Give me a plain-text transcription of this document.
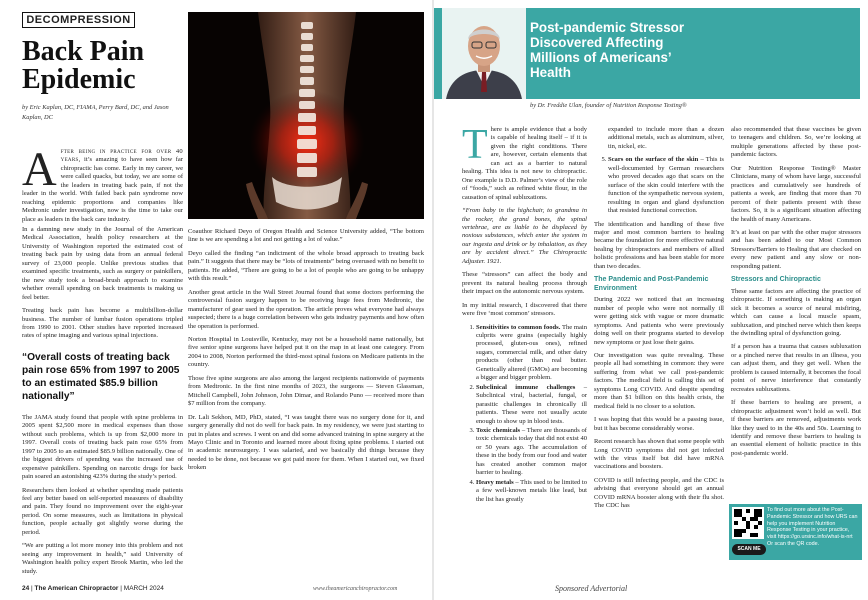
DECOMPRESSION
Back Pain
Epidemic
by Eric Kaplan, DC, FIAMA, Perry Bard, DC, and Jason Kaplan, DC
A fter being in practice for over 40 years, it’s amazing to have seen how far chiropractic has come. Early in my career, we were called quacks, but today, we are some of the leaders in treating back pain, if not the leader in the world. With failed back pain syndrome now reaching epidemic proportions and companies like Medtronic under investigation, now is the time to take our place as leaders in the back care industry.

In a damning new study in the Journal of the American Medical Association, health policy researchers at the University of Washington reported the estimated cost of treating back pain by using data from an annual federal survey of 23,000 people. Unlike previous studies that examined specific treatments, such as surgery or painkillers, the new study took a broad-brush approach to examine whether overall spending on back treatments is making us feel better.

Treating back pain has become a multibillion-dollar business. The number of lumbar fusion operations tripled from 1990 to 2001. Other studies have reported increased rates of spine imaging and various spinal injections.

“Overall costs of treating back pain rose 65% from 1997 to 2005 to an estimated $85.9 billion nationally”

The JAMA study found that people with spine problems in 2005 spent $2,500 more in medical expenses than those without such problems, which is up from $2,000 more in 1997. Overall costs of treating back pain rose 65% from 1997 to 2005 to an estimated $85.9 billion nationally. One of the biggest drivers of spending was the increased use of expensive painkillers. Spending on narcotic drugs for back pain soared an astonishing 423% during the study’s period.

Researchers then looked at whether spending made patients feel any better based on self-reported measures of disability and pain. They found no improvement over the eight-year period. On some measures, such as limitations in physical function, people actually got slightly worse during the period.

“We are putting a lot more money into this problem and not seeing any improvement in health,” said University of Washington health policy expert Brook Martin, who led the study.

Coauthor Richard Deyo of Oregon Health and Science University added, “The bottom line is we are spending a lot and not getting a lot of value.”

Deyo called the finding “an indictment of the whole broad approach to treating back pain.” It suggests that there may be “lots of treatments” being overused with no benefit to patients. He added, “There are going to be a lot of people who are going to be unhappy with this result.”

Another great article in the Wall Street Journal found that some doctors performing the controversial fusion surgery happen to be receiving huge fees from Medtronic, the manufacturer of gear used in the operation. The article proves what everyone had always suspected; there is a huge correlation between who gets industry payments and how often the operation is performed.

Norton Hospital in Louisville, Kentucky, may not be a household name nationally, but five senior spine surgeons have helped put it on the map in at least one category. From 2004 to 2008, Norton performed the third-most spinal fusions on Medicare patients in the country.

Those five spine surgeons are also among the largest recipients nationwide of payments from Medtronic. In the first nine months of 2023, the surgeons — Steven Glassman, Mitchell Campbell, John Johnson, John Dimar, and Rolando Puno — received more than $7 million from the company.

Dr. Lali Sekhon, MD, PhD, stated, “I was taught there was no surgery done for it, and surgery generally did not do well for back pain. In my residency, we were just starting to put in plates and screws. I went on and did some advanced training in spine surgery at the Mayo Clinic and in Toronto and learned more about fixing spine problems. I started out in academic neurosurgery. I was salaried, and we basically did things because they needed to be done, not because we got paid more for them. When I started out, we fixed broken

24 | The American Chiropractor | MARCH 2024	www.theamericanchiropractor.com
Post-pandemic Stressor
Discovered Affecting
Millions of Americans’
Health
by Dr. Freddie Ulan, founder of Nutrition Response Testing®
T here is ample evidence that a body is capable of healing itself – if it is given the right conditions. There are, however, certain elements that can act as a barrier to natural healing. This idea is not new to chiropractic. One example is D.D. Palmer’s view of the role of “foods,” such as refined white flour, in the causation of spinal subluxations.

“From baby in the highchair, to grandma in the rocker, the grand bones, the spinal vertebrae, are as liable to be displaced by noxious substances, which enter the system in our ingesta and drink or by inhalation, as they are by accident direct.” The Chiropractic Adjuster. 1921.

These “stressors” can affect the body and prevent its natural healing process through their impact on the autonomic nervous system.

In my initial research, I discovered that there were five ‘most common’ stressors.

1. Sensitivities to common foods. The main culprits were grains (especially highly processed, gluten-ous ones), refined sugars, commercial milk, and other dairy products (other than real butter. Genetically altered (GMOs) are becoming a bigger and bigger problem.
2. Subclinical immune challenges – Subclinical viral, bacterial, fungal, or parasitic challenges in chronically ill patients. These were not usually acute enough to show up in blood tests.
3. Toxic chemicals – There are thousands of toxic chemicals today that did not exist 40 or 50 years ago. The accumulation of these in the body from our food and water has created another common major barrier to healing.
4. Heavy metals – This used to be limited to a few well-known metals like lead, but the list has greatly

expanded to include more than a dozen additional metals, such as aluminum, silver, tin, nickel, etc.

5. Scars on the surface of the skin – This is well-documented by German researchers who proved decades ago that scars on the surface of the skin could interfere with the function of the sympathetic nervous system, resulting in organ and gland dysfunction that resisted functional correction.

The identification and handling of these five major and most common barriers to healing became the foundation for more effective natural healing by chiropractors and members of allied holistic professions and has been stable for more than two decades.

The Pandemic and Post-Pandemic Environment

During 2022 we noticed that an increasing number of people who were not normally ill were getting sick with vague or more dramatic symptoms. And patients who were previously doing well on their programs started to develop new symptoms or just lose their gains.

Our investigation was quite revealing. These people all had something in common: they were suffering from what we call post-pandemic factors. The medical field is calling this set of symptoms Long COVID. And despite spending more than $1 billion on this health crisis, the medical field is no closer to a solution.

I was hoping that this would be a passing issue, but it has become considerably worse.

Recent research has shown that some people with Long COVID symptoms did not get infected with the virus itself but did have mRNA vaccinations and boosters.

COVID is still infecting people, and the CDC is advising that everyone should get an annual COVID mRNA booster along with their flu shot. The CDC has

also recommended that these vaccines be given to teenagers and children. So, we’re looking at multiple generations affected by these post-pandemic factors.

Our Nutrition Response Testing® Master Clinicians, many of whom have large, successful practices and cumulatively see hundreds of patients a week, are finding that more than 70 percent of their patients present with these factors. So, it is a significant situation affecting the health of many Americans.

It’s at least on par with the other major stressors and has been added to our Most Common Stressors/Barriers to Healing that are checked on every new patient and any slow or non-responding patient.

Stressors and Chiropractic

These same factors are affecting the practice of chiropractic. If something is making an organ sick it becomes a source of neural misfiring, which can cause a local muscle spasm, subluxation, and pinched nerve which then keeps the dwindling spiral of dysfunction going.

If a person has a trauma that causes subluxation or a pinched nerve that results in an illness, you can adjust them, and they get well. When the problem is caused internally, it becomes the focal point of nerve interference that constantly recreates subluxations.

If these barriers to healing are present, a chiropractic adjustment won’t hold as well. But if these barriers are removed, adjustments work like they used to in the 40s and 50s. Learning to identify and remove these barriers to healing is an essential element of holistic practice in this post-pandemic world.

SCAN ME
To find out more about the Post-Pandemic Stressor and how URS can help you implement Nutrition Response Testing in your practice, visit https://go.ursinc.info/what-is-nrt Or scan the QR code.
Sponsored Advertorial
